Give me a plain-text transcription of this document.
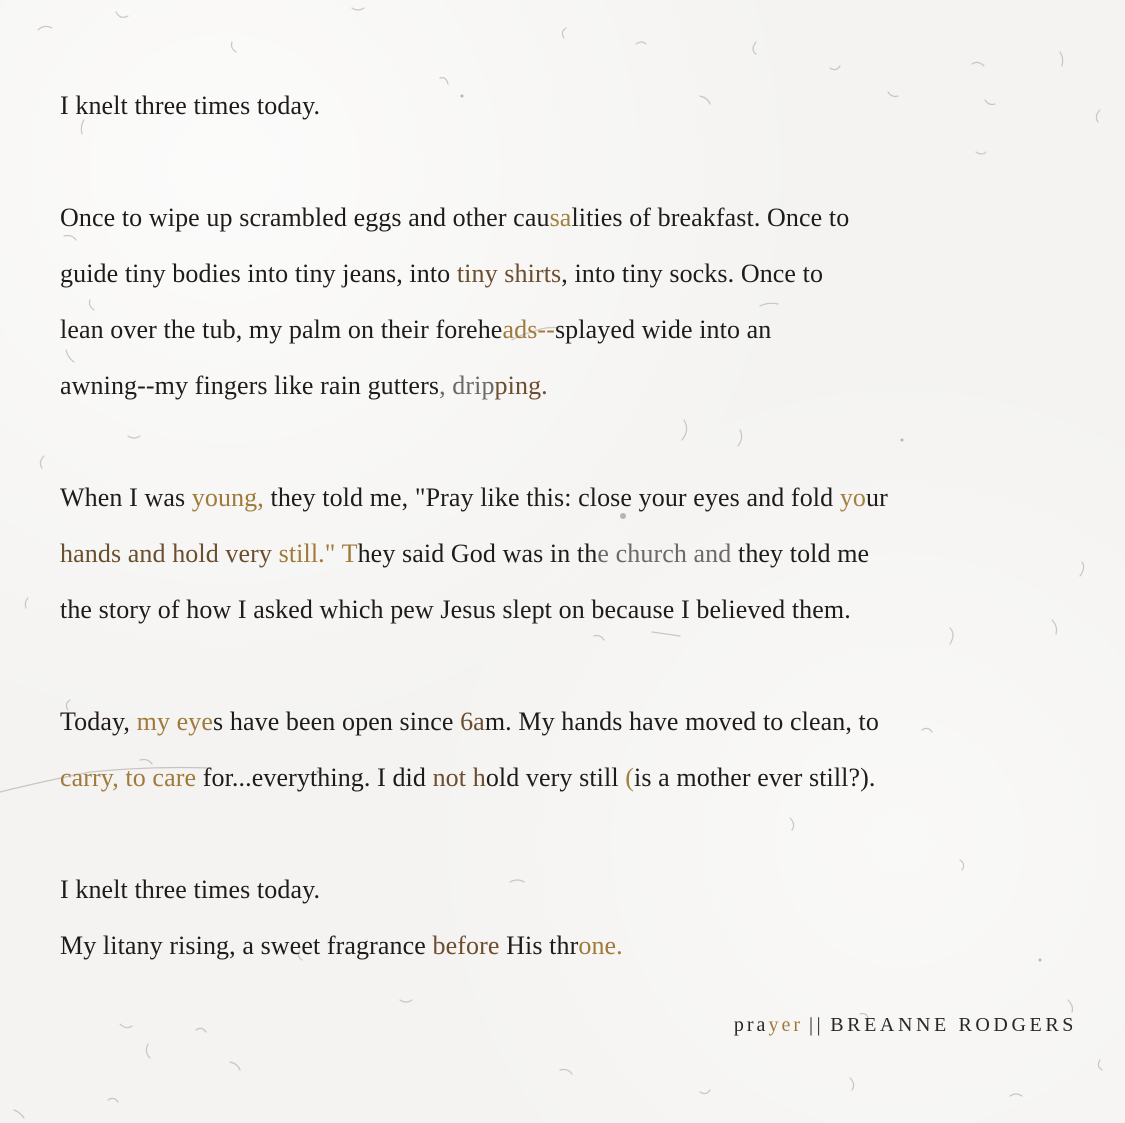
I knelt three times today.

Once to wipe up scrambled eggs and other causalities of breakfast. Once to
guide tiny bodies into tiny jeans, into tiny shirts, into tiny socks. Once to
lean over the tub, my palm on their foreheads--splayed wide into an
awning--my fingers like rain gutters, dripping.

When I was young, they told me, "Pray like this: close your eyes and fold your
hands and hold very still." They said God was in the church and they told me
the story of how I asked which pew Jesus slept on because I believed them.

Today, my eyes have been open since 6am. My hands have moved to clean, to
carry, to care for...everything. I did not hold very still (is a mother ever still?).

I knelt three times today.
My litany rising, a sweet fragrance before His throne.

prayer || BREANNE RODGERS
